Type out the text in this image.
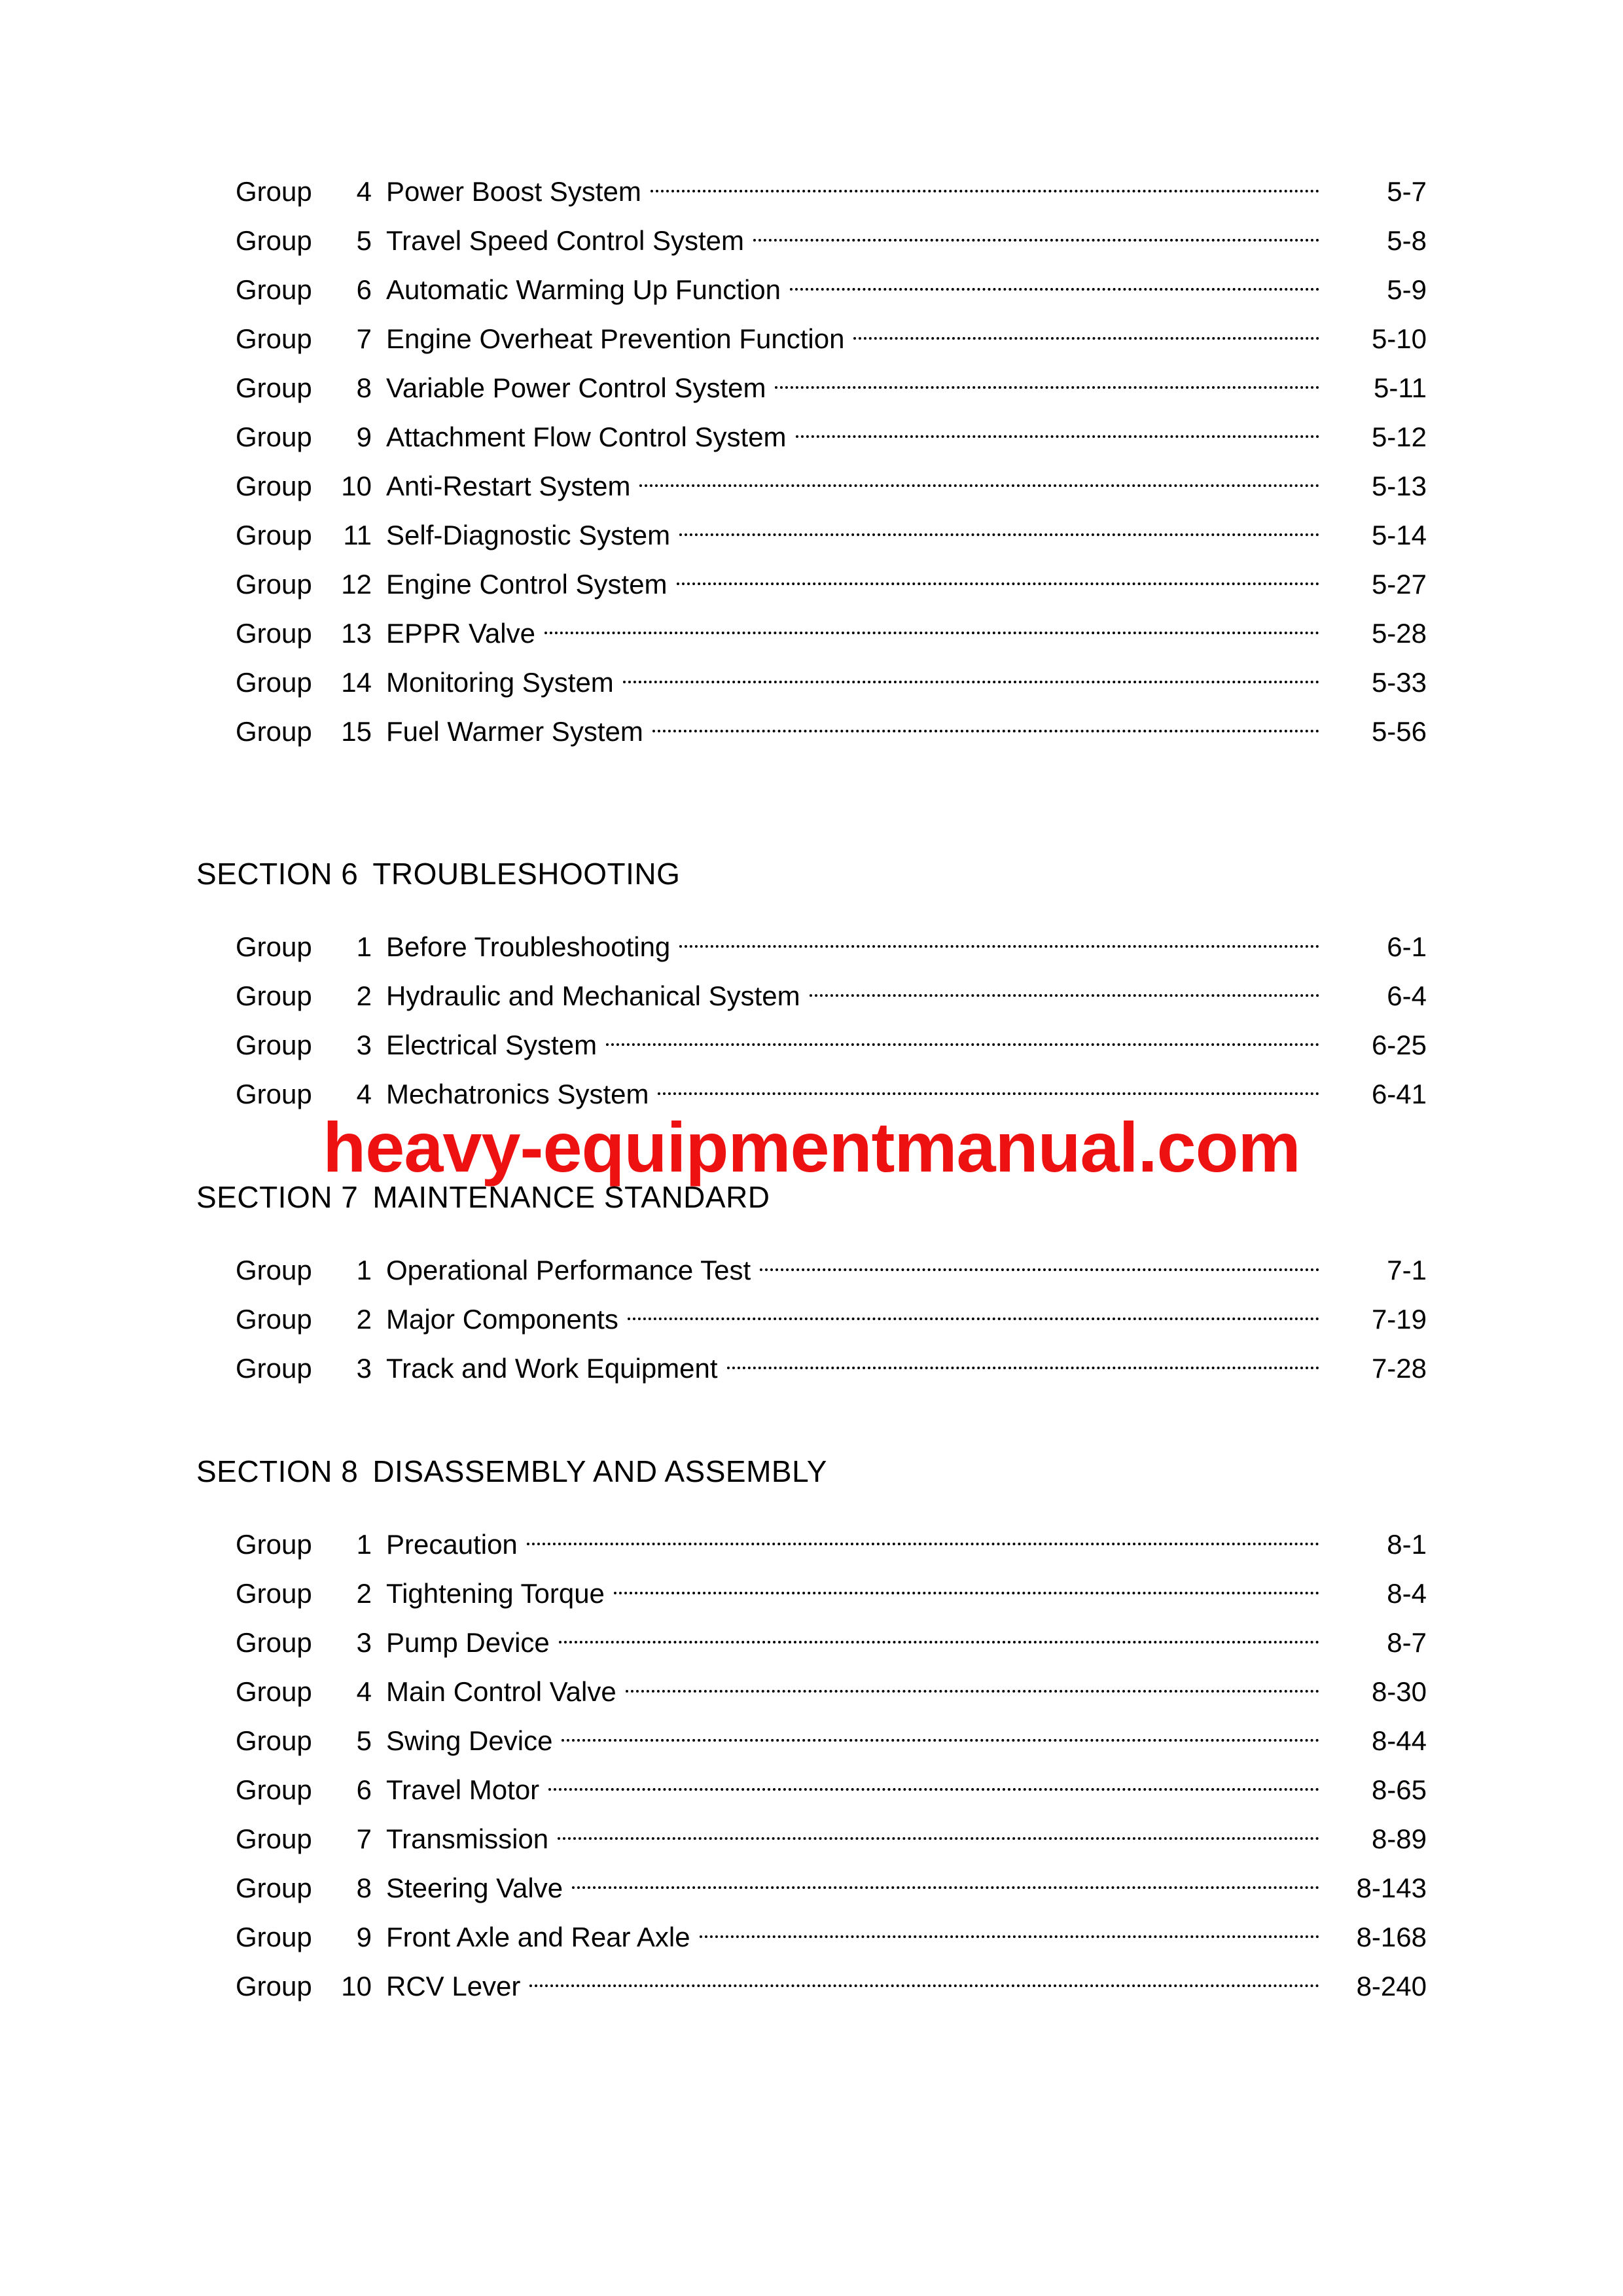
Group	4 Power Boost System	5-7
Group	5 Travel Speed Control System	5-8
Group	6 Automatic Warming Up Function	5-9
Group	7 Engine Overheat Prevention Function	5-10
Group	8 Variable Power Control System	5-11
Group	9 Attachment Flow Control System	5-12
Group	10 Anti-Restart System	5-13
Group	11 Self-Diagnostic System	5-14
Group	12 Engine Control System	5-27
Group	13 EPPR Valve	5-28
Group	14 Monitoring System	5-33
Group	15 Fuel Warmer System	5-56
SECTION 6 TROUBLESHOOTING
Group	1 Before Troubleshooting	6-1
Group	2 Hydraulic and Mechanical System	6-4
Group	3 Electrical System	6-25
Group	4 Mechatronics System	6-41
SECTION 7 MAINTENANCE STANDARD
Group	1 Operational Performance Test	7-1
Group	2 Major Components	7-19
Group	3 Track and Work Equipment	7-28
SECTION 8 DISASSEMBLY AND ASSEMBLY
Group	1 Precaution	8-1
Group	2 Tightening Torque	8-4
Group	3 Pump Device	8-7
Group	4 Main Control Valve	8-30
Group	5 Swing Device	8-44
Group	6 Travel Motor	8-65
Group	7 Transmission	8-89
Group	8 Steering Valve	8-143
Group	9 Front Axle and Rear Axle	8-168
Group	10 RCV Lever	8-240
heavy-equipmentmanual.com
